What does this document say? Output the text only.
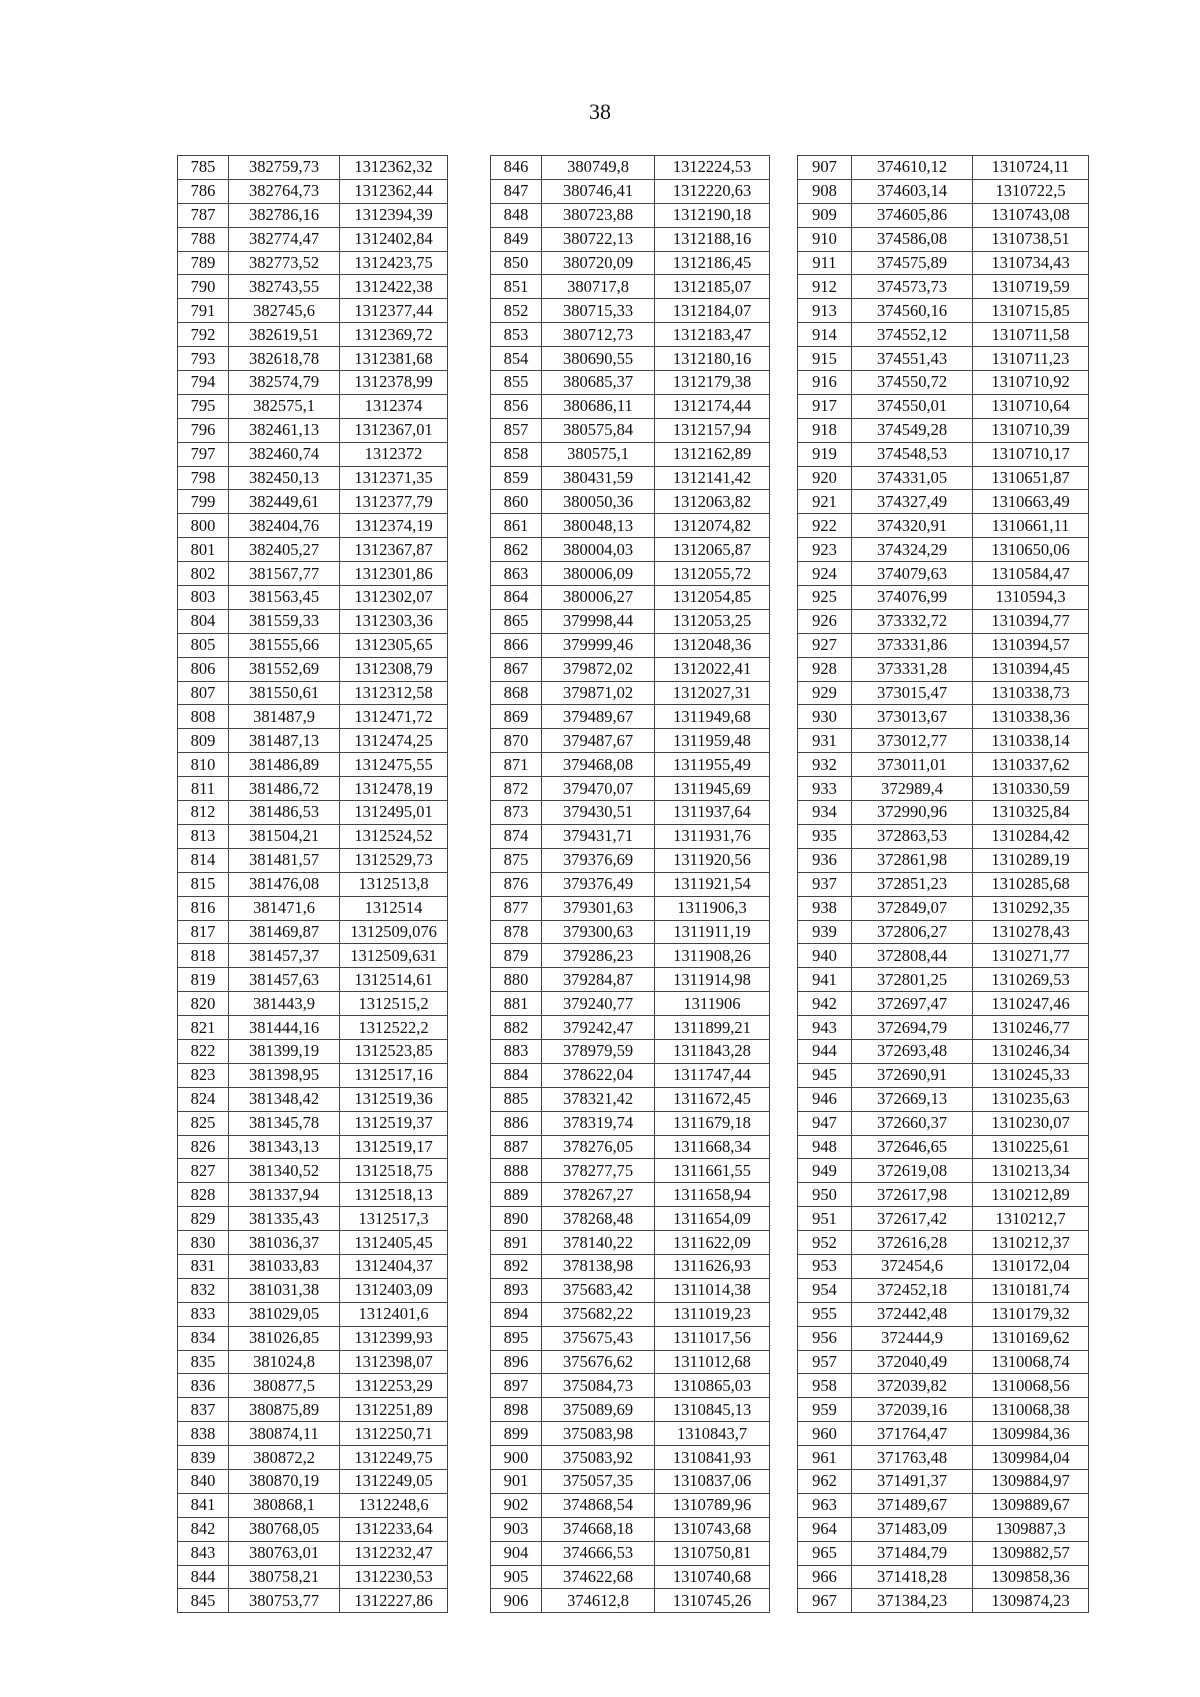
38
785	382759,73	1312362,32
786	382764,73	1312362,44
787	382786,16	1312394,39
788	382774,47	1312402,84
789	382773,52	1312423,75
790	382743,55	1312422,38
791	382745,6	1312377,44
792	382619,51	1312369,72
793	382618,78	1312381,68
794	382574,79	1312378,99
795	382575,1	1312374
796	382461,13	1312367,01
797	382460,74	1312372
798	382450,13	1312371,35
799	382449,61	1312377,79
800	382404,76	1312374,19
801	382405,27	1312367,87
802	381567,77	1312301,86
803	381563,45	1312302,07
804	381559,33	1312303,36
805	381555,66	1312305,65
806	381552,69	1312308,79
807	381550,61	1312312,58
808	381487,9	1312471,72
809	381487,13	1312474,25
810	381486,89	1312475,55
811	381486,72	1312478,19
812	381486,53	1312495,01
813	381504,21	1312524,52
814	381481,57	1312529,73
815	381476,08	1312513,8
816	381471,6	1312514
817	381469,87	1312509,076
818	381457,37	1312509,631
819	381457,63	1312514,61
820	381443,9	1312515,2
821	381444,16	1312522,2
822	381399,19	1312523,85
823	381398,95	1312517,16
824	381348,42	1312519,36
825	381345,78	1312519,37
826	381343,13	1312519,17
827	381340,52	1312518,75
828	381337,94	1312518,13
829	381335,43	1312517,3
830	381036,37	1312405,45
831	381033,83	1312404,37
832	381031,38	1312403,09
833	381029,05	1312401,6
834	381026,85	1312399,93
835	381024,8	1312398,07
836	380877,5	1312253,29
837	380875,89	1312251,89
838	380874,11	1312250,71
839	380872,2	1312249,75
840	380870,19	1312249,05
841	380868,1	1312248,6
842	380768,05	1312233,64
843	380763,01	1312232,47
844	380758,21	1312230,53
845	380753,77	1312227,86
846	380749,8	1312224,53
847	380746,41	1312220,63
848	380723,88	1312190,18
849	380722,13	1312188,16
850	380720,09	1312186,45
851	380717,8	1312185,07
852	380715,33	1312184,07
853	380712,73	1312183,47
854	380690,55	1312180,16
855	380685,37	1312179,38
856	380686,11	1312174,44
857	380575,84	1312157,94
858	380575,1	1312162,89
859	380431,59	1312141,42
860	380050,36	1312063,82
861	380048,13	1312074,82
862	380004,03	1312065,87
863	380006,09	1312055,72
864	380006,27	1312054,85
865	379998,44	1312053,25
866	379999,46	1312048,36
867	379872,02	1312022,41
868	379871,02	1312027,31
869	379489,67	1311949,68
870	379487,67	1311959,48
871	379468,08	1311955,49
872	379470,07	1311945,69
873	379430,51	1311937,64
874	379431,71	1311931,76
875	379376,69	1311920,56
876	379376,49	1311921,54
877	379301,63	1311906,3
878	379300,63	1311911,19
879	379286,23	1311908,26
880	379284,87	1311914,98
881	379240,77	1311906
882	379242,47	1311899,21
883	378979,59	1311843,28
884	378622,04	1311747,44
885	378321,42	1311672,45
886	378319,74	1311679,18
887	378276,05	1311668,34
888	378277,75	1311661,55
889	378267,27	1311658,94
890	378268,48	1311654,09
891	378140,22	1311622,09
892	378138,98	1311626,93
893	375683,42	1311014,38
894	375682,22	1311019,23
895	375675,43	1311017,56
896	375676,62	1311012,68
897	375084,73	1310865,03
898	375089,69	1310845,13
899	375083,98	1310843,7
900	375083,92	1310841,93
901	375057,35	1310837,06
902	374868,54	1310789,96
903	374668,18	1310743,68
904	374666,53	1310750,81
905	374622,68	1310740,68
906	374612,8	1310745,26
907	374610,12	1310724,11
908	374603,14	1310722,5
909	374605,86	1310743,08
910	374586,08	1310738,51
911	374575,89	1310734,43
912	374573,73	1310719,59
913	374560,16	1310715,85
914	374552,12	1310711,58
915	374551,43	1310711,23
916	374550,72	1310710,92
917	374550,01	1310710,64
918	374549,28	1310710,39
919	374548,53	1310710,17
920	374331,05	1310651,87
921	374327,49	1310663,49
922	374320,91	1310661,11
923	374324,29	1310650,06
924	374079,63	1310584,47
925	374076,99	1310594,3
926	373332,72	1310394,77
927	373331,86	1310394,57
928	373331,28	1310394,45
929	373015,47	1310338,73
930	373013,67	1310338,36
931	373012,77	1310338,14
932	373011,01	1310337,62
933	372989,4	1310330,59
934	372990,96	1310325,84
935	372863,53	1310284,42
936	372861,98	1310289,19
937	372851,23	1310285,68
938	372849,07	1310292,35
939	372806,27	1310278,43
940	372808,44	1310271,77
941	372801,25	1310269,53
942	372697,47	1310247,46
943	372694,79	1310246,77
944	372693,48	1310246,34
945	372690,91	1310245,33
946	372669,13	1310235,63
947	372660,37	1310230,07
948	372646,65	1310225,61
949	372619,08	1310213,34
950	372617,98	1310212,89
951	372617,42	1310212,7
952	372616,28	1310212,37
953	372454,6	1310172,04
954	372452,18	1310181,74
955	372442,48	1310179,32
956	372444,9	1310169,62
957	372040,49	1310068,74
958	372039,82	1310068,56
959	372039,16	1310068,38
960	371764,47	1309984,36
961	371763,48	1309984,04
962	371491,37	1309884,97
963	371489,67	1309889,67
964	371483,09	1309887,3
965	371484,79	1309882,57
966	371418,28	1309858,36
967	371384,23	1309874,23
